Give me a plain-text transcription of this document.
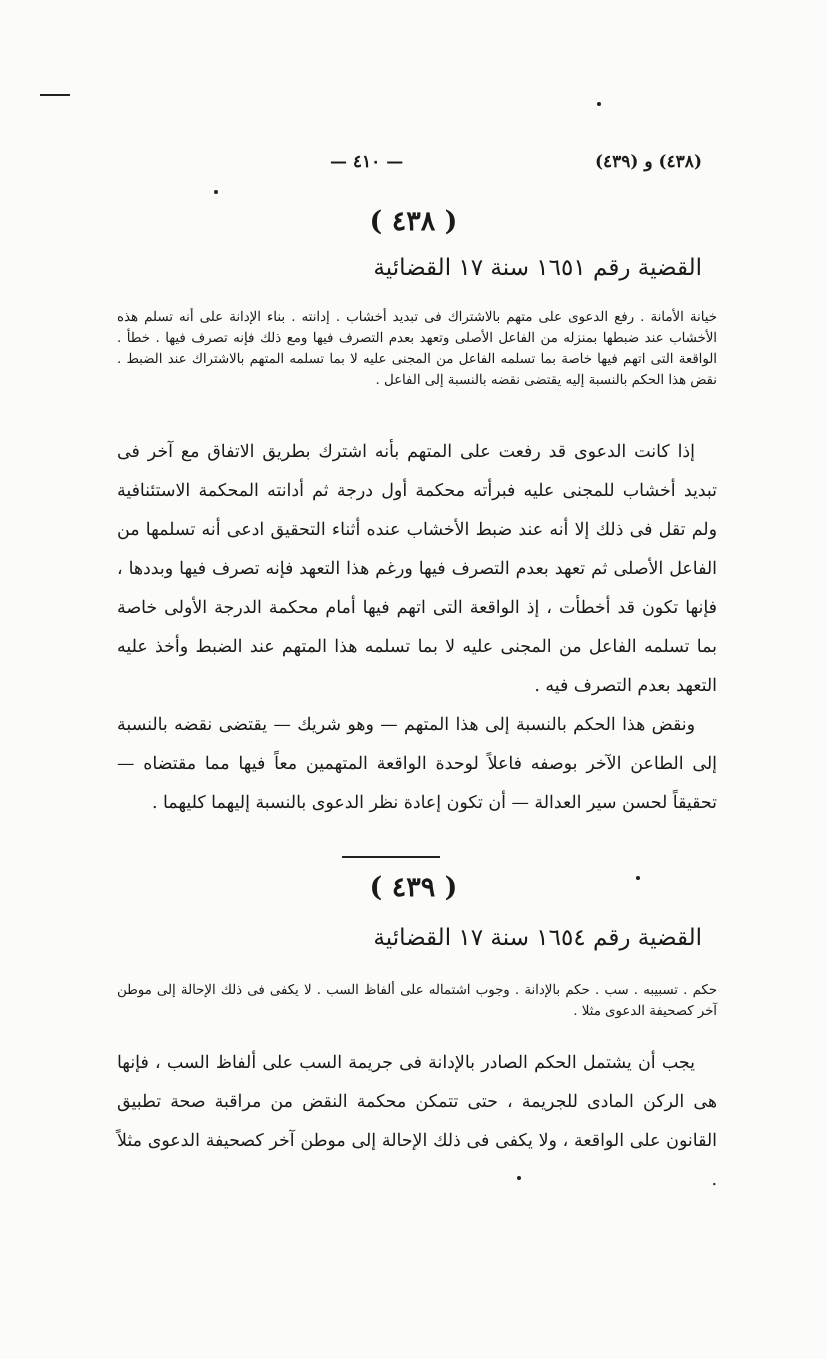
(٤٣٨) و (٤٣٩)
— ٤١٠ —
( ٤٣٨ )
القضية رقم ١٦٥١ سنة ١٧ القضائية
خيانة الأمانة . رفع الدعوى على متهم بالاشتراك فى تبديد أخشاب . إدانته . بناء الإدانة على أنه تسلم هذه الأخشاب عند ضبطها بمنزله من الفاعل الأصلى وتعهد بعدم التصرف فيها ومع ذلك فإنه تصرف فيها . خطأ . الواقعة التى اتهم فيها خاصة بما تسلمه الفاعل من المجنى عليه لا بما تسلمه المتهم بالاشتراك عند الضبط . نقض هذا الحكم بالنسبة إليه يقتضى نقضه بالنسبة إلى الفاعل .

إذا كانت الدعوى قد رفعت على المتهم بأنه اشترك بطريق الاتفاق مع آخر فى تبديد أخشاب للمجنى عليه فبرأته محكمة أول درجة ثم أدانته المحكمة الاستئنافية ولم تقل فى ذلك إلا أنه عند ضبط الأخشاب عنده أثناء التحقيق ادعى أنه تسلمها من الفاعل الأصلى ثم تعهد بعدم التصرف فيها ورغم هذا التعهد فإنه تصرف فيها وبددها ، فإنها تكون قد أخطأت ، إذ الواقعة التى اتهم فيها أمام محكمة الدرجة الأولى خاصة بما تسلمه الفاعل من المجنى عليه لا بما تسلمه هذا المتهم عند الضبط وأخذ عليه التعهد بعدم التصرف فيه .

ونقض هذا الحكم بالنسبة إلى هذا المتهم — وهو شريك — يقتضى نقضه بالنسبة إلى الطاعن الآخر بوصفه فاعلاً لوحدة الواقعة المتهمين معاً فيها مما مقتضاه — تحقيقاً لحسن سير العدالة — أن تكون إعادة نظر الدعوى بالنسبة إليهما كليهما .

( ٤٣٩ )
القضية رقم ١٦٥٤ سنة ١٧ القضائية
حكم . تسبيبه . سب . حكم بالإدانة . وجوب اشتماله على ألفاظ السب . لا يكفى فى ذلك الإحالة إلى موطن آخر كصحيفة الدعوى مثلا .

يجب أن يشتمل الحكم الصادر بالإدانة فى جريمة السب على ألفاظ السب ، فإنها هى الركن المادى للجريمة ، حتى تتمكن محكمة النقض من مراقبة صحة تطبيق القانون على الواقعة ، ولا يكفى فى ذلك الإحالة إلى موطن آخر كصحيفة الدعوى مثلاً .
